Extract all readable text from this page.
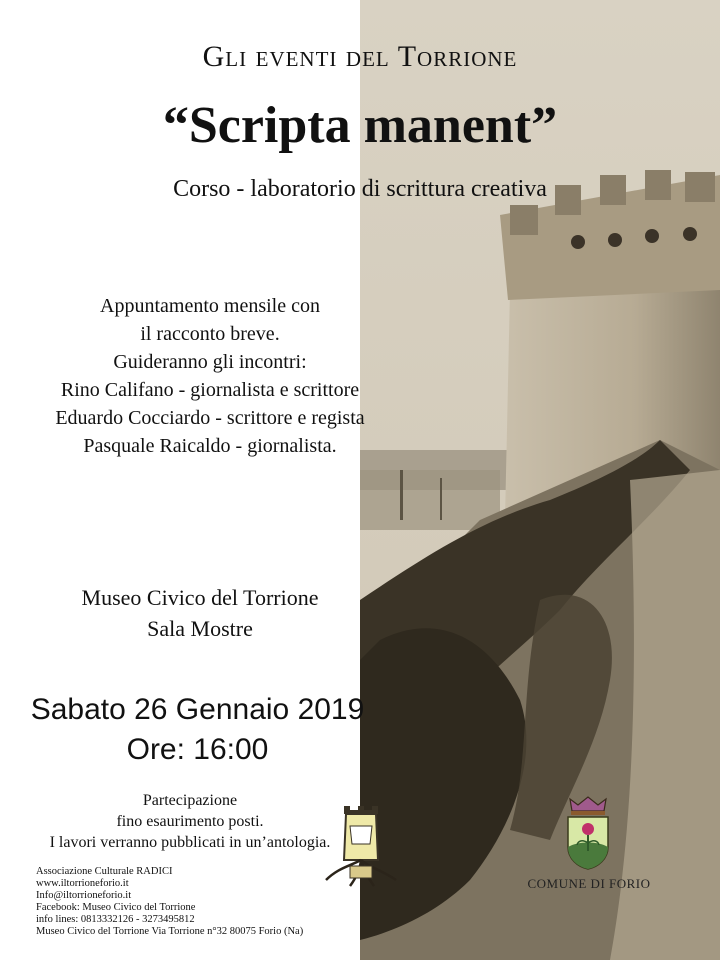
Gli eventi del Torrione
“Scripta manent”
Corso - laboratorio di scrittura creativa
Appuntamento mensile con
il racconto breve.
Guideranno gli incontri:
Rino Califano - giornalista e scrittore
Eduardo Cocciardo - scrittore e regista
Pasquale Raicaldo - giornalista.
Museo Civico del Torrione
Sala Mostre
Sabato 26 Gennaio 2019
Ore: 16:00
Partecipazione
fino esaurimento posti.
I lavori verranno pubblicati in un’antologia.
Associazione Culturale RADICI
www.iltorrioneforio.it
Info@iltorrioneforio.it
Facebook: Museo Civico del Torrione
info lines: 0813332126 - 3273495812
Museo Civico del Torrione Via Torrione n°32 80075 Forio (Na)
COMUNE DI FORIO
